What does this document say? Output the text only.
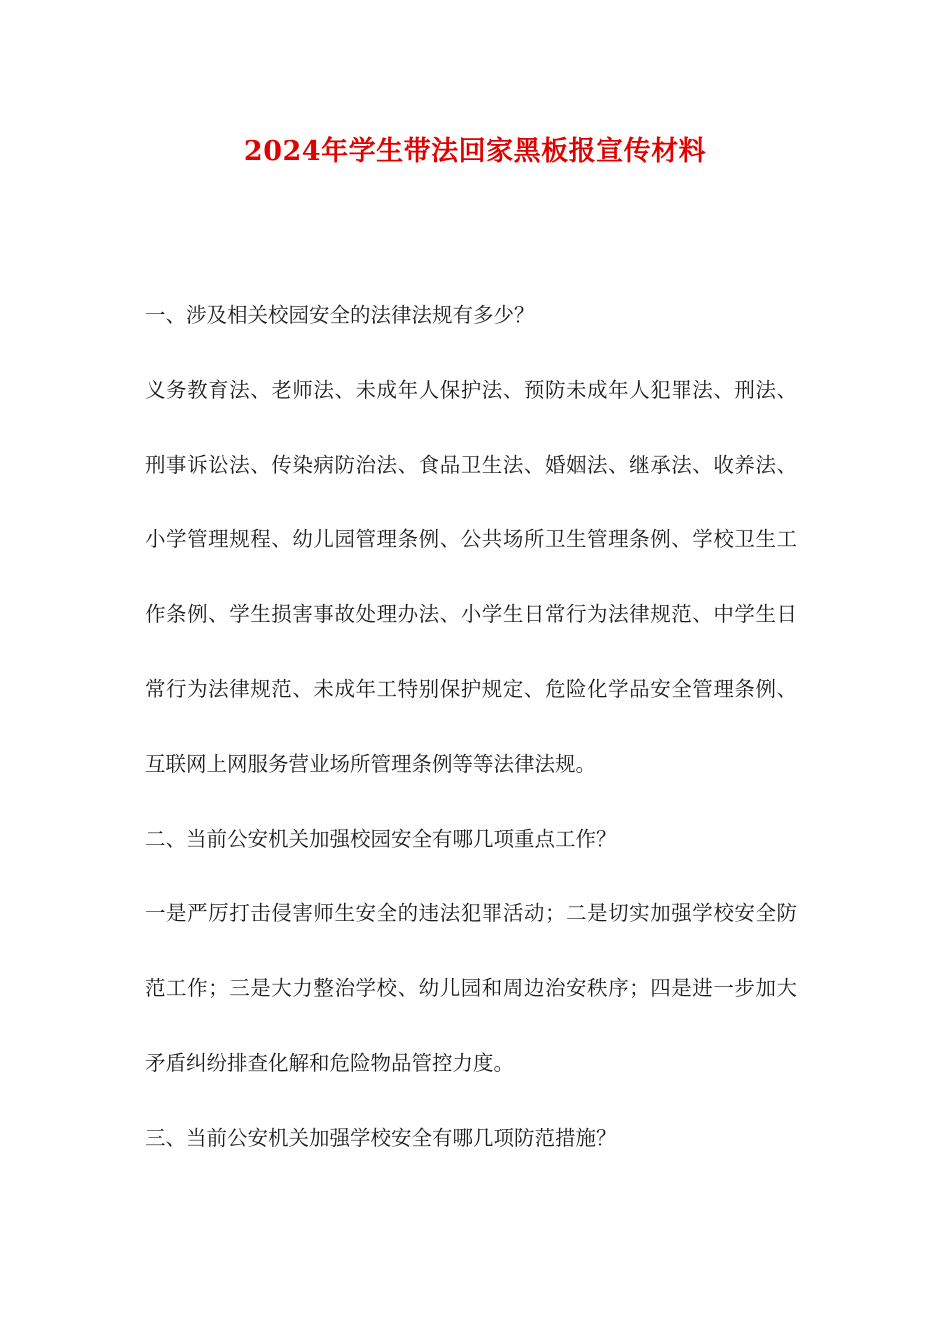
2024年学生带法回家黑板报宣传材料

一、涉及相关校园安全的法律法规有多少？

义务教育法、老师法、未成年人保护法、预防未成年人犯罪法、刑法、刑事诉讼法、传染病防治法、食品卫生法、婚姻法、继承法、收养法、小学管理规程、幼儿园管理条例、公共场所卫生管理条例、学校卫生工作条例、学生损害事故处理办法、小学生日常行为法律规范、中学生日常行为法律规范、未成年工特别保护规定、危险化学品安全管理条例、互联网上网服务营业场所管理条例等等法律法规。

二、当前公安机关加强校园安全有哪几项重点工作？

一是严厉打击侵害师生安全的违法犯罪活动；二是切实加强学校安全防范工作；三是大力整治学校、幼儿园和周边治安秩序；四是进一步加大矛盾纠纷排查化解和危险物品管控力度。

三、当前公安机关加强学校安全有哪几项防范措施？
